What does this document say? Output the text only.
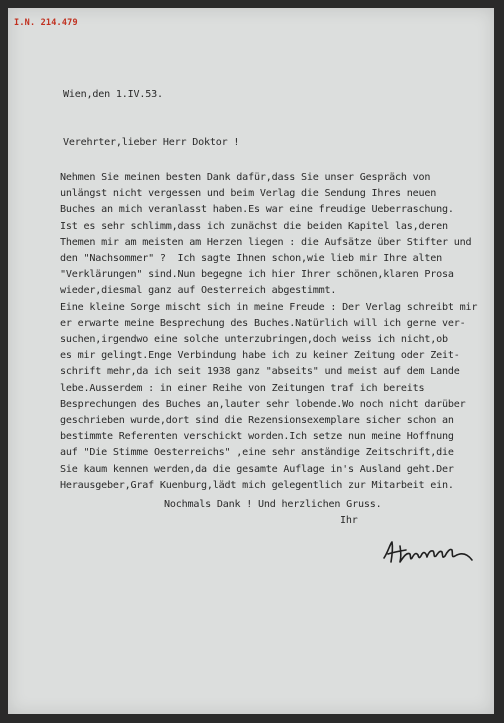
I.N. 214.479
Wien,den 1.IV.53.
Verehrter,lieber Herr Doktor !
Nehmen Sie meinen besten Dank dafür,dass Sie unser Gespräch von
unlängst nicht vergessen und beim Verlag die Sendung Ihres neuen
Buches an mich veranlasst haben.Es war eine freudige Ueberraschung.
Ist es sehr schlimm,dass ich zunächst die beiden Kapitel las,deren
Themen mir am meisten am Herzen liegen : die Aufsätze über Stifter und
den "Nachsommer" ?  Ich sagte Ihnen schon,wie lieb mir Ihre alten
"Verklärungen" sind.Nun begegne ich hier Ihrer schönen,klaren Prosa
wieder,diesmal ganz auf Oesterreich abgestimmt.
Eine kleine Sorge mischt sich in meine Freude : Der Verlag schreibt mir
er erwarte meine Besprechung des Buches.Natürlich will ich gerne ver-
suchen,irgendwo eine solche unterzubringen,doch weiss ich nicht,ob
es mir gelingt.Enge Verbindung habe ich zu keiner Zeitung oder Zeit-
schrift mehr,da ich seit 1938 ganz "abseits" und meist auf dem Lande
lebe.Ausserdem : in einer Reihe von Zeitungen traf ich bereits
Besprechungen des Buches an,lauter sehr lobende.Wo noch nicht darüber
geschrieben wurde,dort sind die Rezensionsexemplare sicher schon an
bestimmte Referenten verschickt worden.Ich setze nun meine Hoffnung
auf "Die Stimme Oesterreichs" ,eine sehr anständige Zeitschrift,die
Sie kaum kennen werden,da die gesamte Auflage in's Ausland geht.Der
Herausgeber,Graf Kuenburg,lädt mich gelegentlich zur Mitarbeit ein.
Nochmals Dank ! Und herzlichen Gruss.
Ihr
